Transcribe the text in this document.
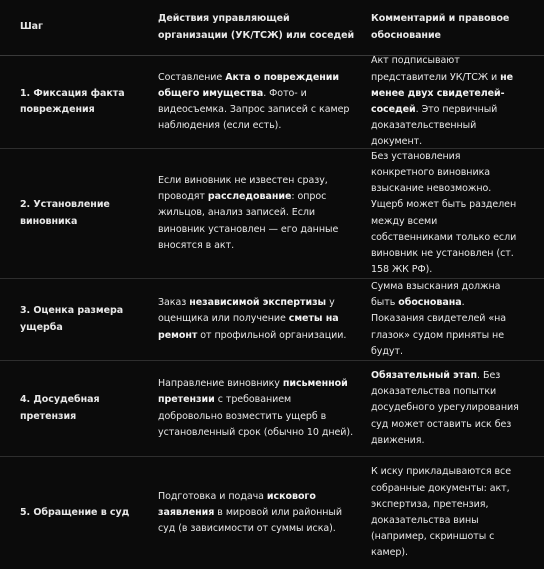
Шаг
Действия управляющей организации (УК/ТСЖ) или соседей
Комментарий и правовое обоснование
1. Фиксация факта повреждения
Составление Акта о повреждении общего имущества. Фото- и видеосъемка. Запрос записей с камер наблюдения (если есть).
Акт подписывают представители УК/ТСЖ и не менее двух свидетелей-соседей. Это первичный доказательственный документ.
2. Установление виновника
Если виновник не известен сразу, проводят расследование: опрос жильцов, анализ записей. Если виновник установлен — его данные вносятся в акт.
Без установления конкретного виновника взыскание невозможно. Ущерб может быть разделен между всеми собственниками только если виновник не установлен (ст. 158 ЖК РФ).
3. Оценка размера ущерба
Заказ независимой экспертизы у оценщика или получение сметы на ремонт от профильной организации.
Сумма взыскания должна быть обоснована. Показания свидетелей «на глазок» судом приняты не будут.
4. Досудебная претензия
Направление виновнику письменной претензии с требованием добровольно возместить ущерб в установленный срок (обычно 10 дней).
Обязательный этап. Без доказательства попытки досудебного урегулирования суд может оставить иск без движения.
5. Обращение в суд
Подготовка и подача искового заявления в мировой или районный суд (в зависимости от суммы иска).
К иску прикладываются все собранные документы: акт, экспертиза, претензия, доказательства вины (например, скриншоты с камер).
